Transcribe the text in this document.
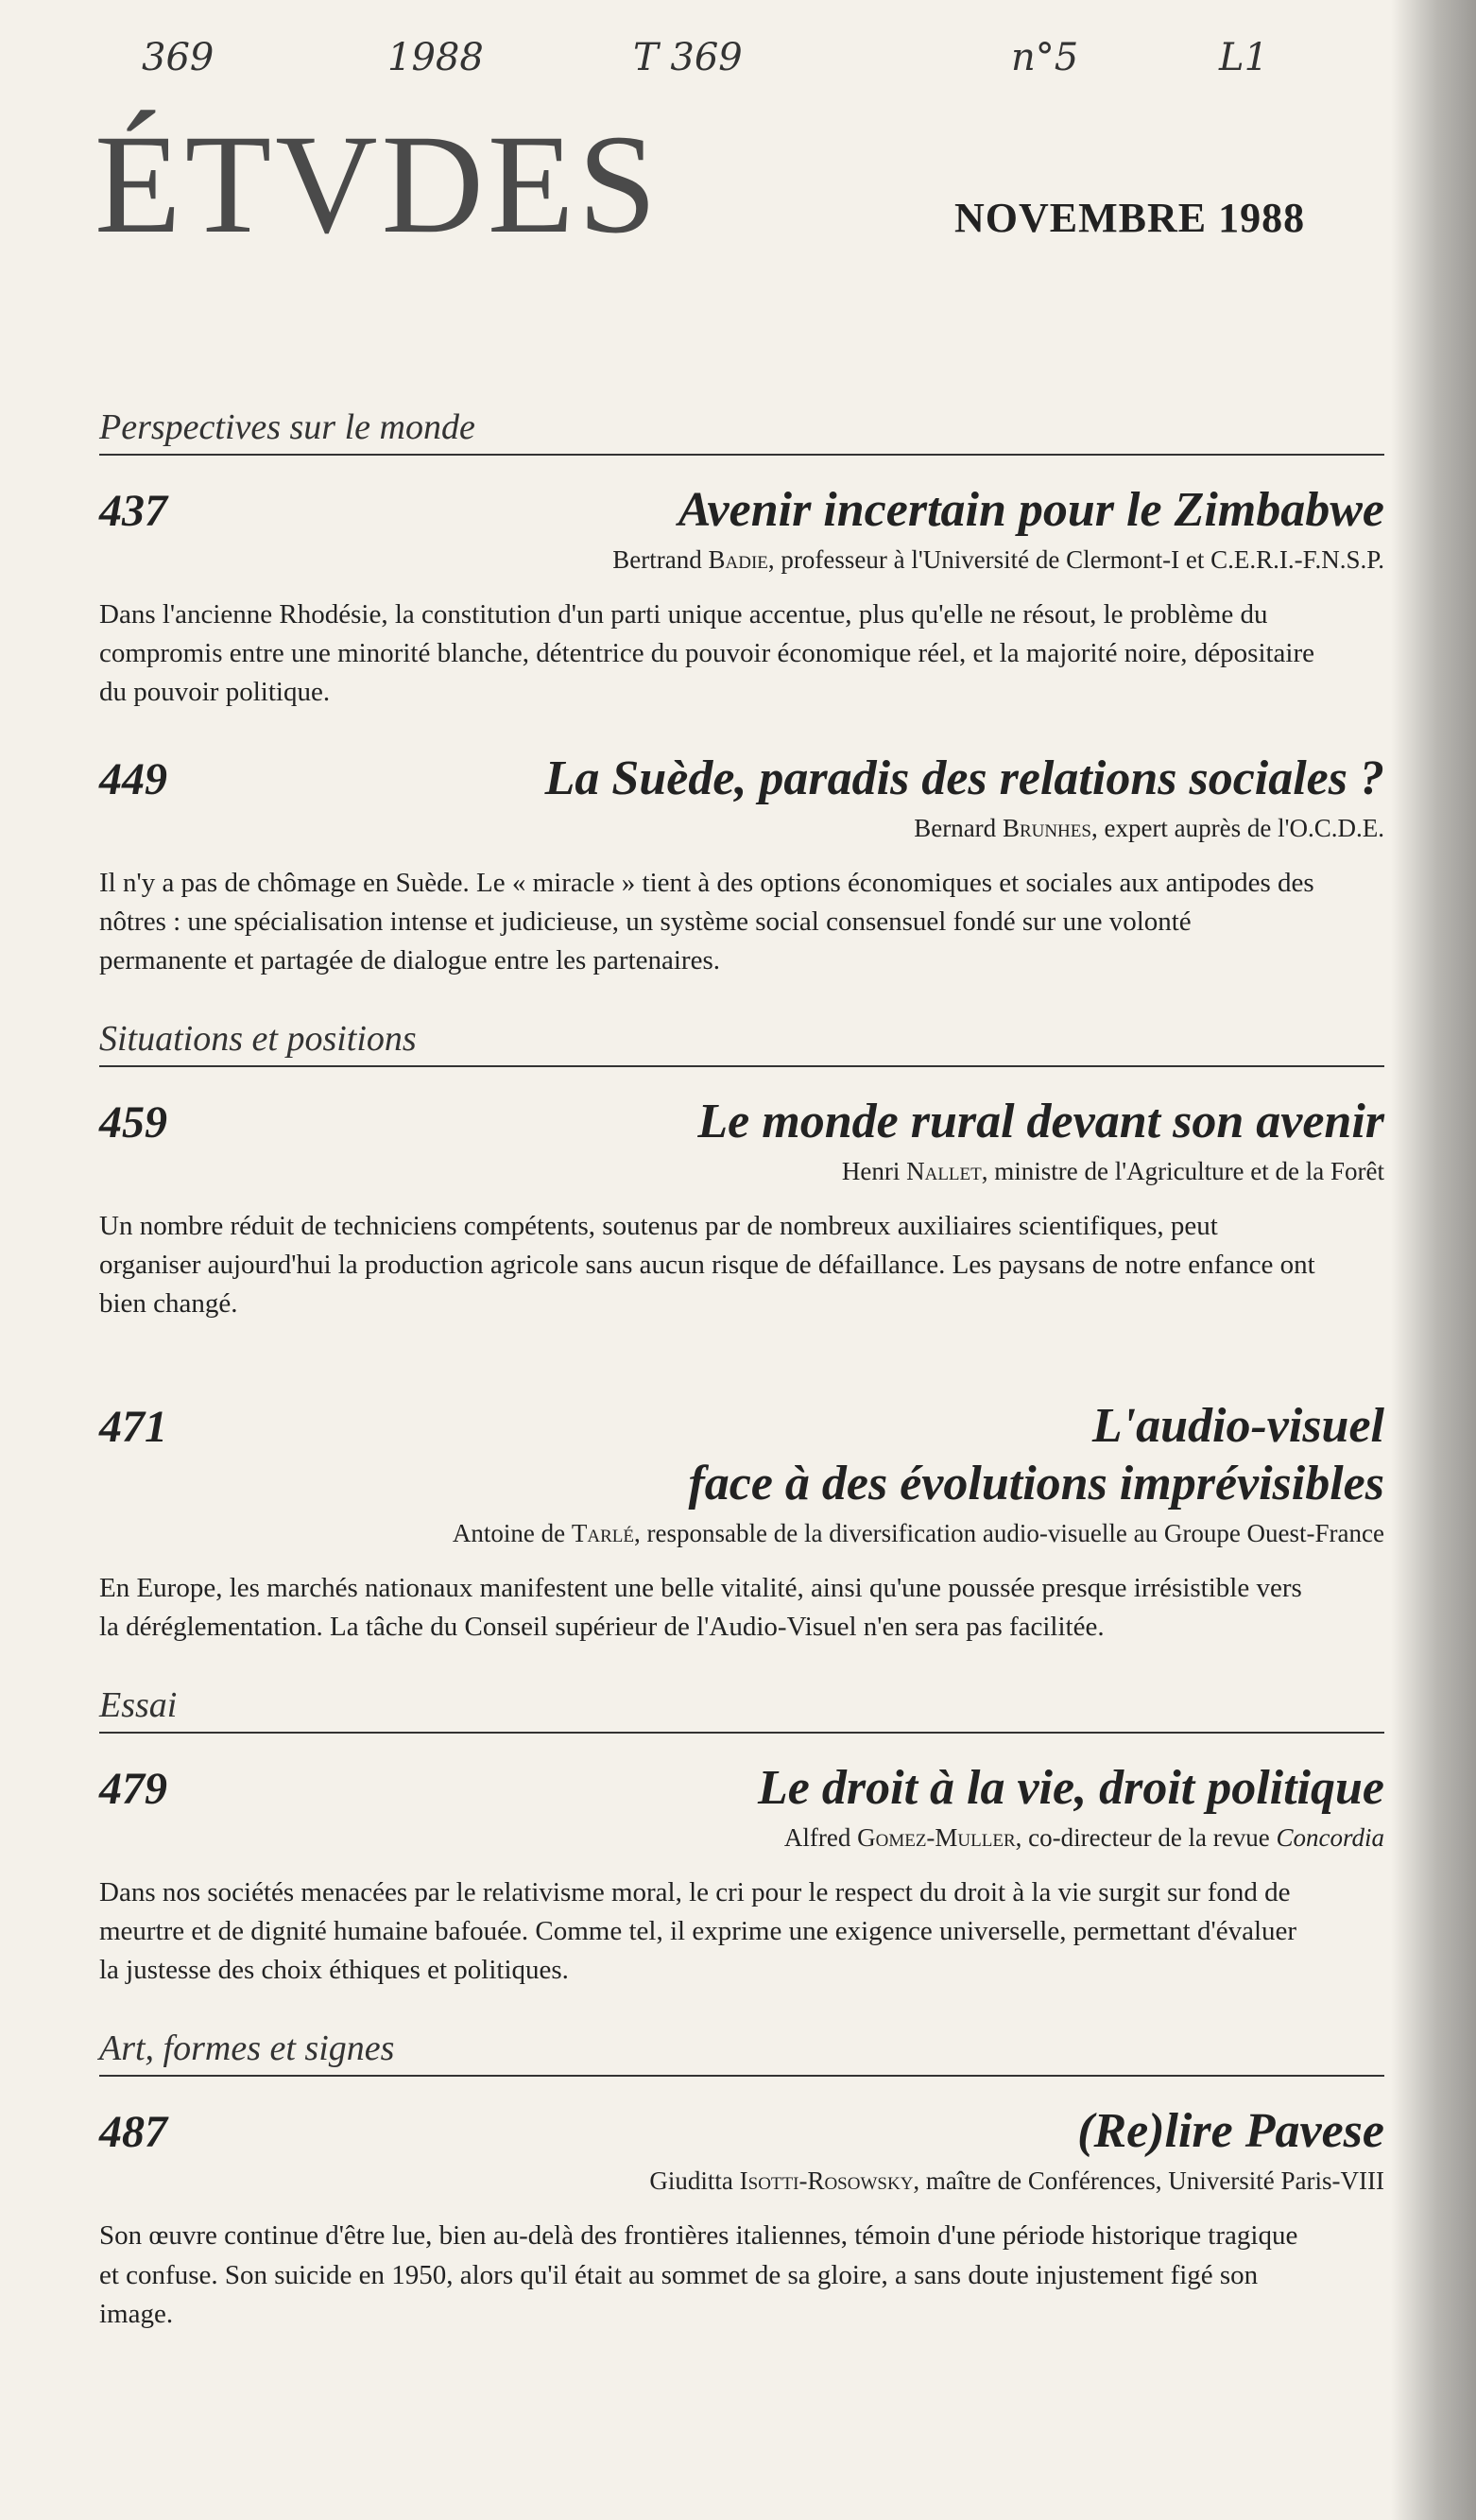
369	1988	T 369	n°5	L1
ÉTVDES	NOVEMBRE 1988
Perspectives sur le monde
437	Avenir incertain pour le Zimbabwe
Bertrand Badie, professeur à l'Université de Clermont-I et C.E.R.I.-F.N.S.P.
Dans l'ancienne Rhodésie, la constitution d'un parti unique accentue, plus qu'elle ne résout, le problème du compromis entre une minorité blanche, détentrice du pouvoir économique réel, et la majorité noire, dépositaire du pouvoir politique.
449	La Suède, paradis des relations sociales ?
Bernard Brunhes, expert auprès de l'O.C.D.E.
Il n'y a pas de chômage en Suède. Le « miracle » tient à des options économiques et sociales aux antipodes des nôtres : une spécialisation intense et judicieuse, un système social consensuel fondé sur une volonté permanente et partagée de dialogue entre les partenaires.
Situations et positions
459	Le monde rural devant son avenir
Henri Nallet, ministre de l'Agriculture et de la Forêt
Un nombre réduit de techniciens compétents, soutenus par de nombreux auxiliaires scientifiques, peut organiser aujourd'hui la production agricole sans aucun risque de défaillance. Les paysans de notre enfance ont bien changé.
471	L'audio-visuel
face à des évolutions imprévisibles
Antoine de Tarlé, responsable de la diversification audio-visuelle au Groupe Ouest-France
En Europe, les marchés nationaux manifestent une belle vitalité, ainsi qu'une poussée presque irrésistible vers la déréglementation. La tâche du Conseil supérieur de l'Audio-Visuel n'en sera pas facilitée.
Essai
479	Le droit à la vie, droit politique
Alfred Gomez-Muller, co-directeur de la revue Concordia
Dans nos sociétés menacées par le relativisme moral, le cri pour le respect du droit à la vie surgit sur fond de meurtre et de dignité humaine bafouée. Comme tel, il exprime une exigence universelle, permettant d'évaluer la justesse des choix éthiques et politiques.
Art, formes et signes
487	(Re)lire Pavese
Giuditta Isotti-Rosowsky, maître de Conférences, Université Paris-VIII
Son œuvre continue d'être lue, bien au-delà des frontières italiennes, témoin d'une période historique tragique et confuse. Son suicide en 1950, alors qu'il était au sommet de sa gloire, a sans doute injustement figé son image.
